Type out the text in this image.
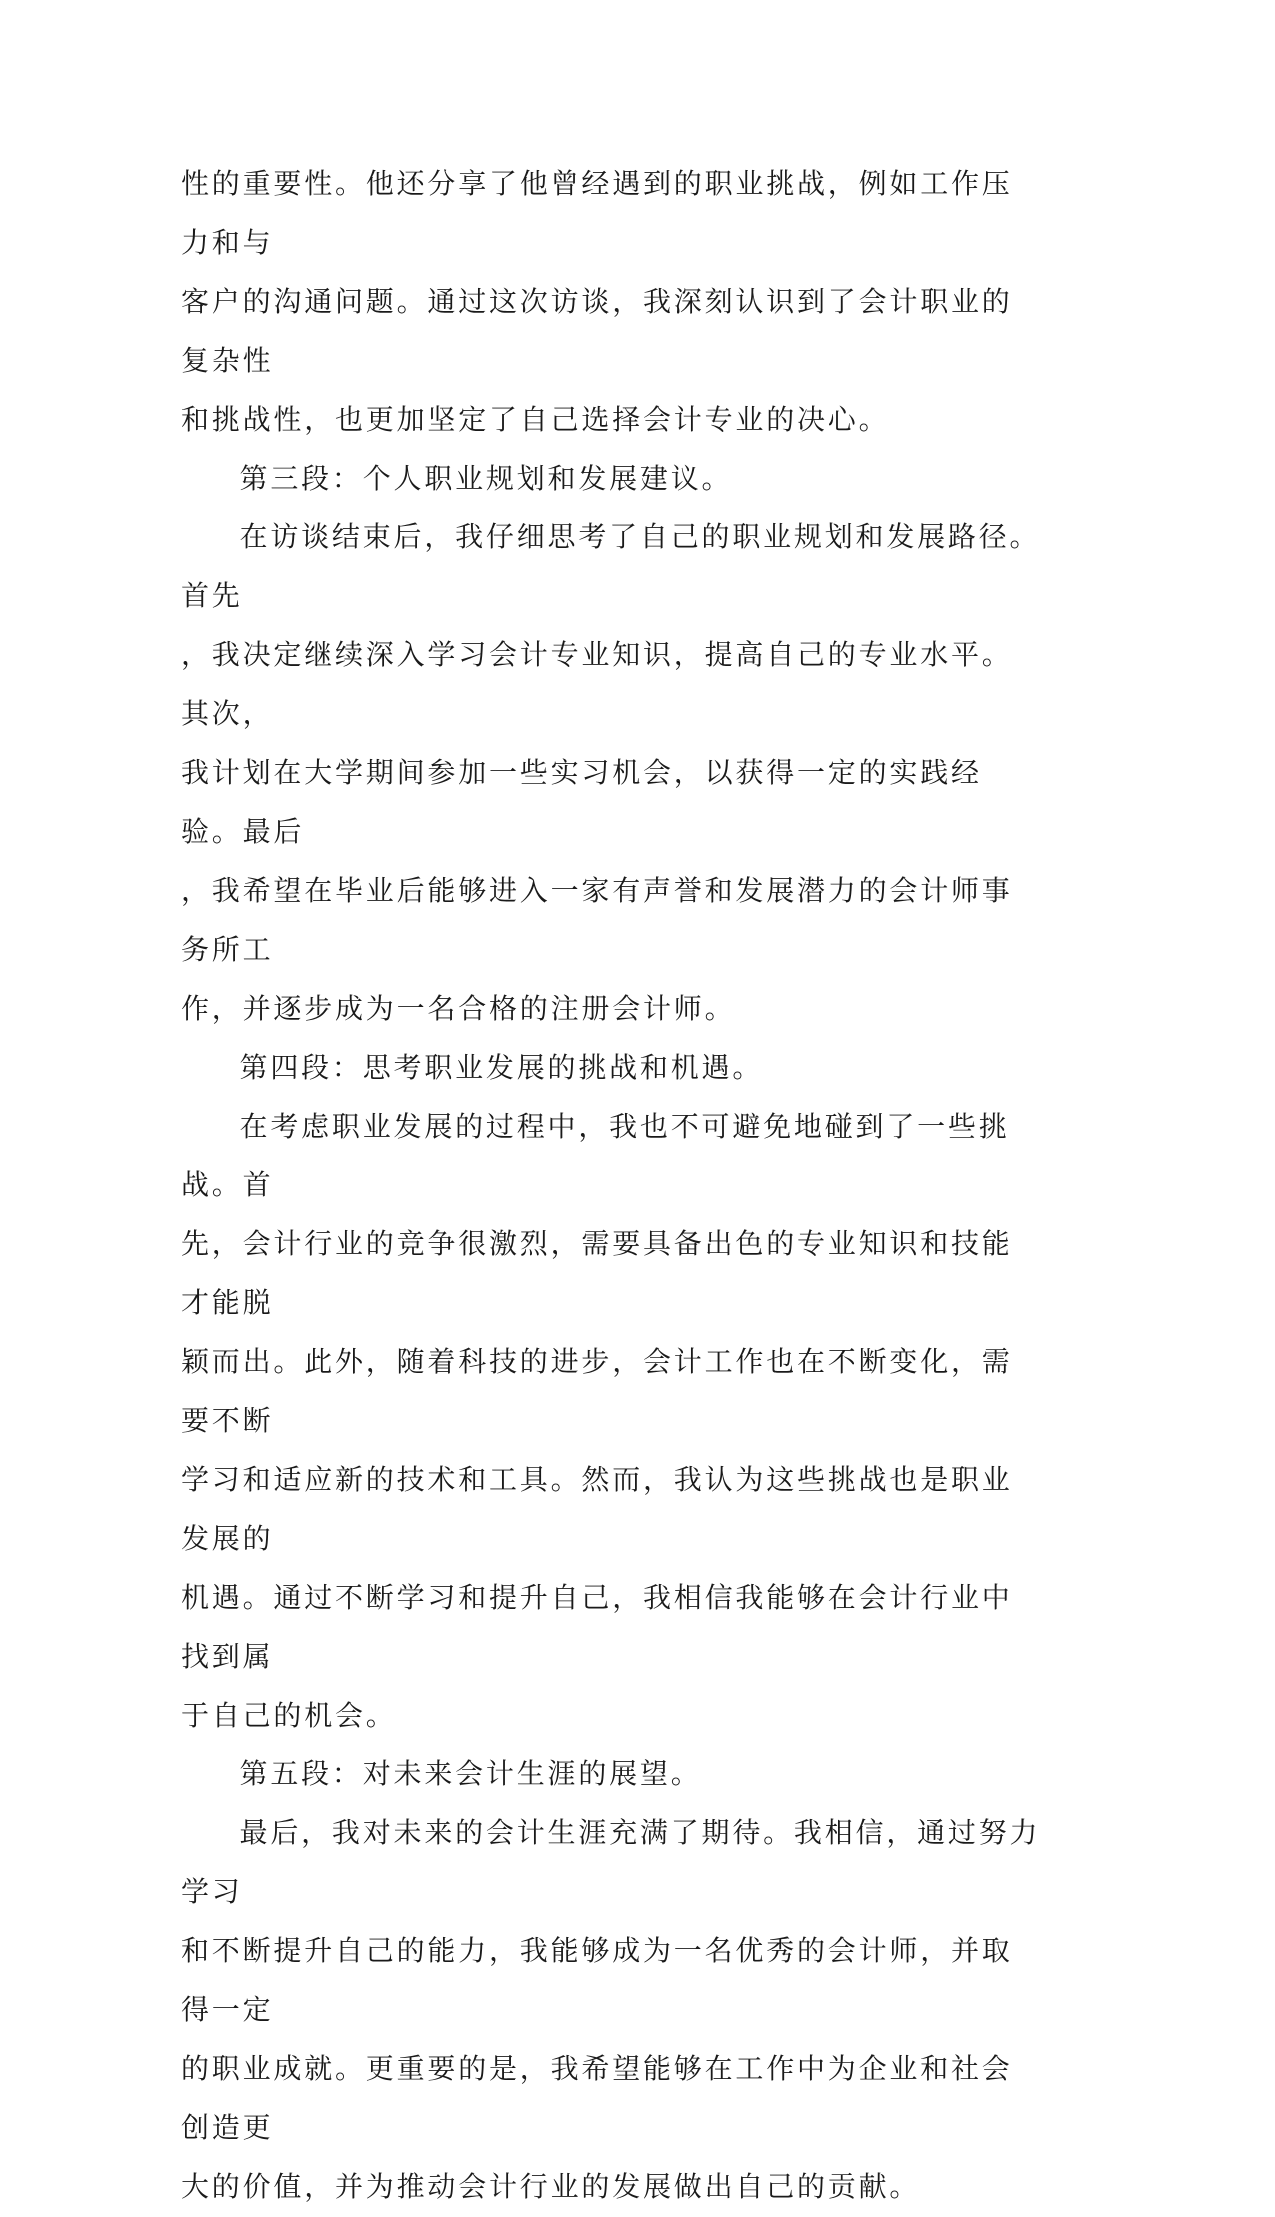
性的重要性。他还分享了他曾经遇到的职业挑战，例如工作压力和与

客户的沟通问题。通过这次访谈，我深刻认识到了会计职业的复杂性

和挑战性，也更加坚定了自己选择会计专业的决心。

第三段：个人职业规划和发展建议。

在访谈结束后，我仔细思考了自己的职业规划和发展路径。首先

，我决定继续深入学习会计专业知识，提高自己的专业水平。其次，

我计划在大学期间参加一些实习机会，以获得一定的实践经验。最后

，我希望在毕业后能够进入一家有声誉和发展潜力的会计师事务所工

作，并逐步成为一名合格的注册会计师。

第四段：思考职业发展的挑战和机遇。

在考虑职业发展的过程中，我也不可避免地碰到了一些挑战。首

先，会计行业的竞争很激烈，需要具备出色的专业知识和技能才能脱

颖而出。此外，随着科技的进步，会计工作也在不断变化，需要不断

学习和适应新的技术和工具。然而，我认为这些挑战也是职业发展的

机遇。通过不断学习和提升自己，我相信我能够在会计行业中找到属

于自己的机会。

第五段：对未来会计生涯的展望。

最后，我对未来的会计生涯充满了期待。我相信，通过努力学习

和不断提升自己的能力，我能够成为一名优秀的会计师，并取得一定

的职业成就。更重要的是，我希望能够在工作中为企业和社会创造更

大的价值，并为推动会计行业的发展做出自己的贡献。
